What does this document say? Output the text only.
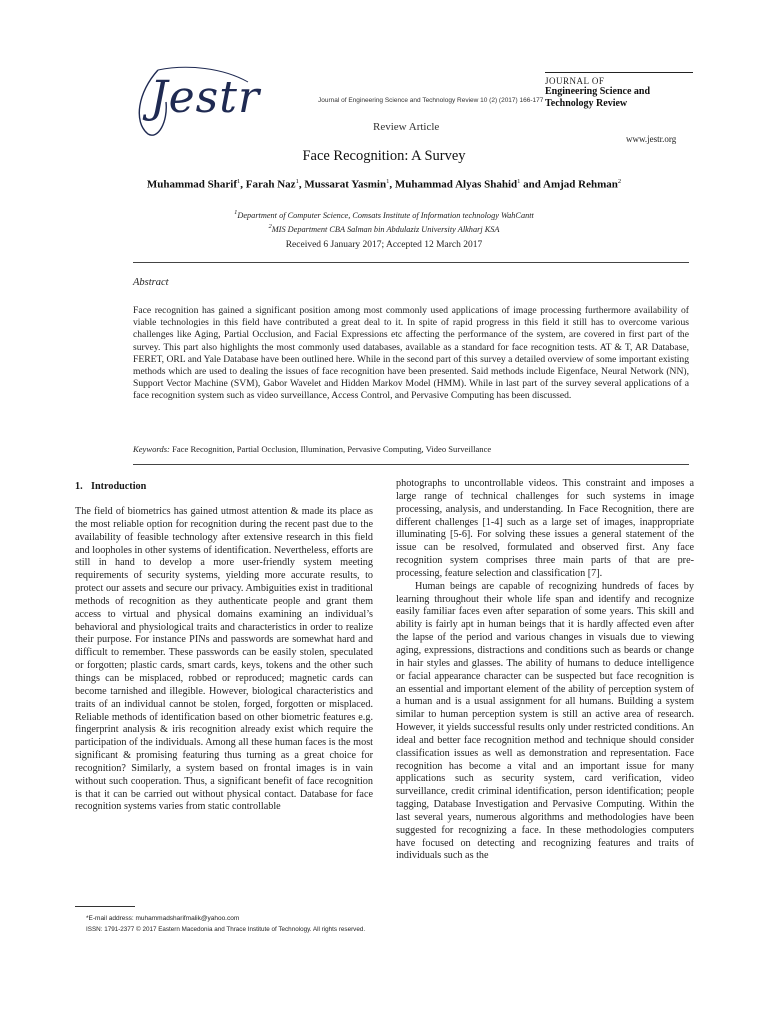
Jestr	Journal of Engineering Science and Technology Review 10 (2) (2017) 166-177
Review Article
JOURNAL OF
Engineering Science and
Technology Review
www.jestr.org
Face Recognition: A Survey
Muhammad Sharif$^1$, Farah Naz$^1$, Mussarat Yasmin$^1$, Muhammad Alyas Shahid$^1$ and Amjad Rehman$^2$
$^1$Department of Computer Science, Comsats Institute of Information technology WahCantt
$^2$MIS Department CBA Salman bin Abdulaziz University Alkharj KSA
Received 6 January 2017; Accepted 12 March 2017
Abstract
Face recognition has gained a significant position among most commonly used applications of image processing furthermore availability of viable technologies in this field have contributed a great deal to it. In spite of rapid progress in this field it still has to overcome various challenges like Aging, Partial Occlusion, and Facial Expressions etc affecting the performance of the system, are covered in first part of the survey. This part also highlights the most commonly used databases, available as a standard for face recognition tests. AT & T, AR Database, FERET, ORL and Yale Database have been outlined here. While in the second part of this survey a detailed overview of some important existing methods which are used to dealing the issues of face recognition have been presented. Said methods include Eigenface, Neural Network (NN), Support Vector Machine (SVM), Gabor Wavelet and Hidden Markov Model (HMM). While in last part of the survey several applications of a face recognition system such as video surveillance, Access Control, and Pervasive Computing has been discussed.
Keywords: Face Recognition, Partial Occlusion, Illumination, Pervasive Computing, Video Surveillance
1. Introduction

The field of biometrics has gained utmost attention & made its place as the most reliable option for recognition during the recent past due to the availability of feasible technology after extensive research in this field and loopholes in other systems of identification. Nevertheless, efforts are still in hand to develop a more user-friendly system meeting requirements of security systems, yielding more accurate results, to protect our assets and secure our privacy. Ambiguities exist in traditional methods of recognition as they authenticate people and grant them access to virtual and physical domains examining an individual’s behavioral and physiological traits and characteristics in order to realize their purpose. For instance PINs and passwords are somewhat hard and difficult to remember. These passwords can be easily stolen, speculated or forgotten; plastic cards, smart cards, keys, tokens and the other such things can be misplaced, robbed or reproduced; magnetic cards can become tarnished and illegible. However, biological characteristics and traits of an individual cannot be stolen, forged, forgotten or misplaced. Reliable methods of identification based on other biometric features e.g. fingerprint analysis & iris recognition already exist which require the participation of the individuals. Among all these human faces is the most significant & promising featuring thus turning as a great choice for recognition? Similarly, a system based on frontal images is in vain without such cooperation. Thus, a significant benefit of face recognition is that it can be carried out without physical contact. Database for face recognition systems varies from static controllable

photographs to uncontrollable videos. This constraint and imposes a large range of technical challenges for such systems in image processing, analysis, and understanding. In Face Recognition, there are different challenges [1-4] such as a large set of images, inappropriate illuminating [5-6]. For solving these issues a general statement of the issue can be resolved, formulated and observed first. Any face recognition system comprises three main parts of that are pre-processing, feature selection and classification [7].

Human beings are capable of recognizing hundreds of faces by learning throughout their whole life span and identify and recognize easily familiar faces even after separation of some years. This skill and ability is fairly apt in human beings that it is hardly affected even after the lapse of the period and various changes in visuals due to viewing aging, expressions, distractions and conditions such as beards or change in hair styles and glasses. The ability of humans to deduce intelligence or facial appearance character can be suspected but face recognition is an essential and important element of the ability of perception system of a human and is a usual assignment for all humans. Building a system similar to human perception system is still an active area of research. However, it yields successful results only under restricted conditions. An ideal and better face recognition method and technique should consider classification issues as well as demonstration and representation. Face recognition has become a vital and an important issue for many applications such as security system, card verification, video surveillance, credit criminal identification, person identification; people tagging, Database Investigation and Pervasive Computing. Within the last several years, numerous algorithms and methodologies have been suggested for recognizing a face. In these methodologies computers have focused on detecting and recognizing features and traits of individuals such as the

*E-mail address: muhammadsharifmalik@yahoo.com
ISSN: 1791-2377 © 2017 Eastern Macedonia and Thrace Institute of Technology. All rights reserved.
